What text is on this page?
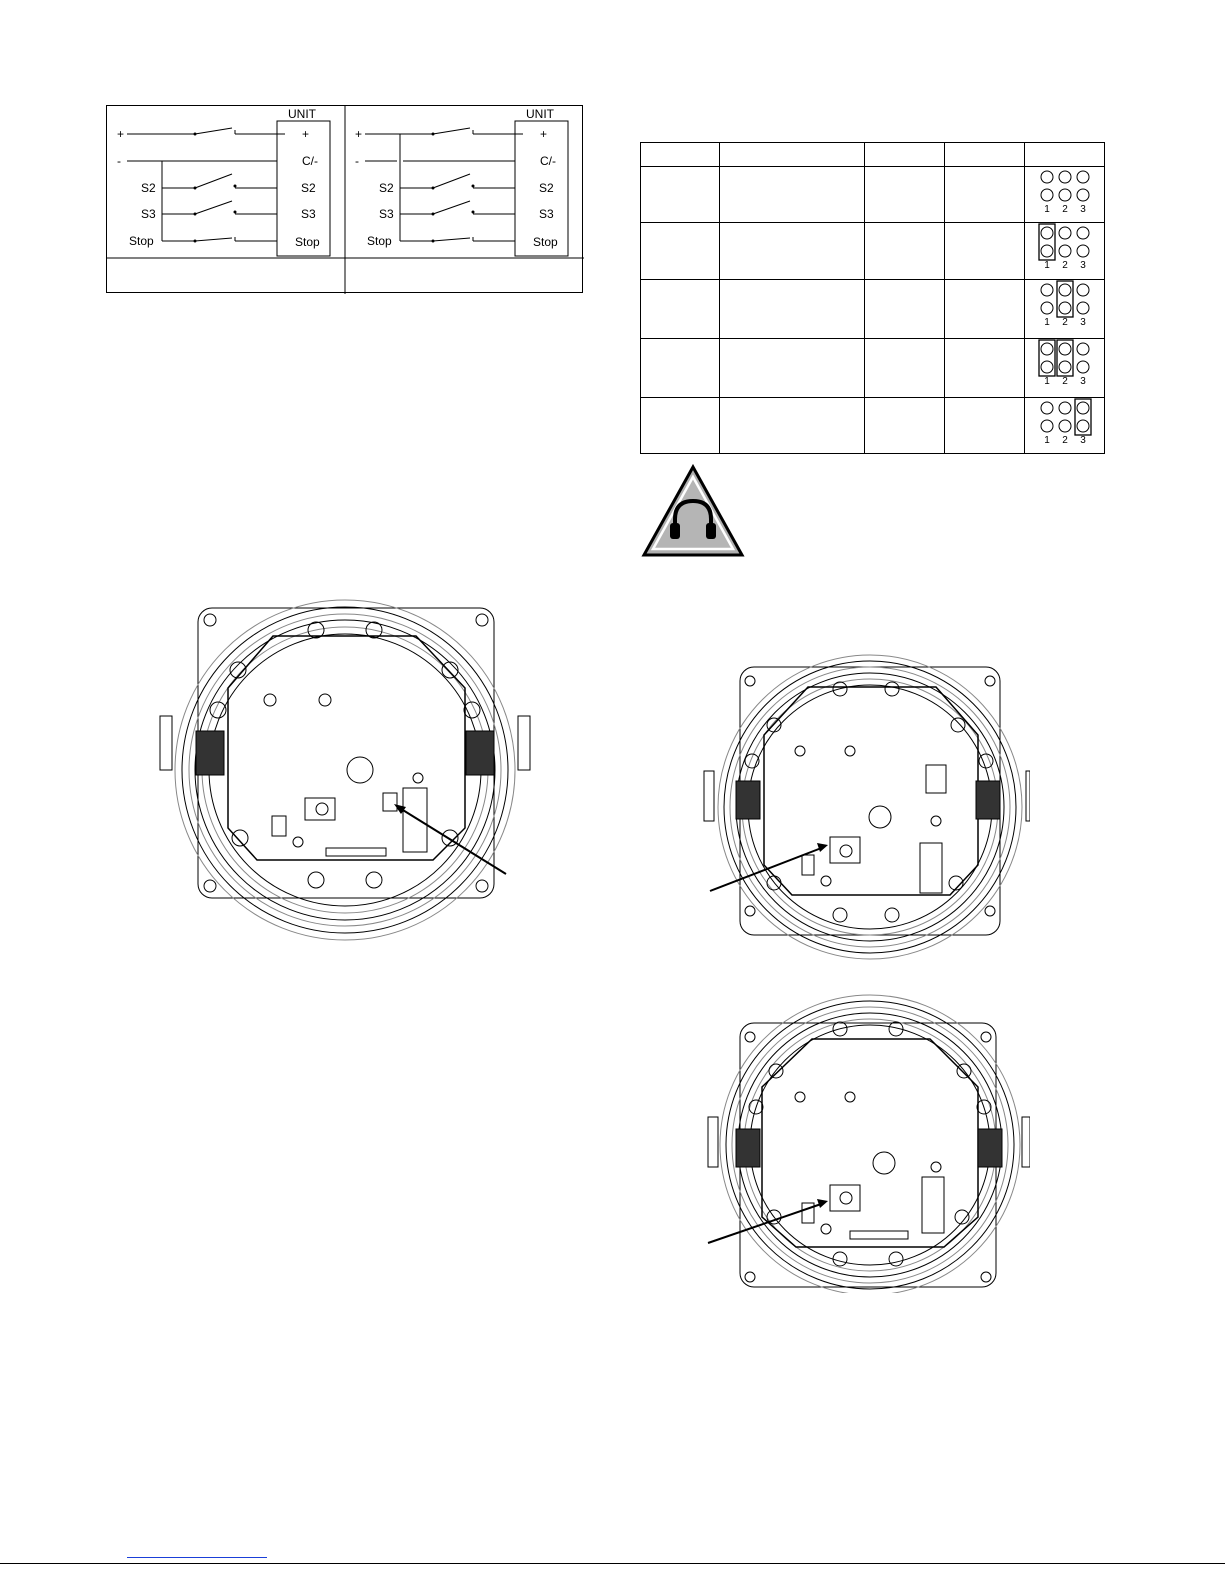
UNIT
+	+
-	C/-
S2	S2
S3	S3
Stop	Stop
UNIT
+	+
-	C/-
S2	S2
S3	S3
Stop	Stop

1 2 3

1 2 3

1 2 3

1 2 3

1 2 3
